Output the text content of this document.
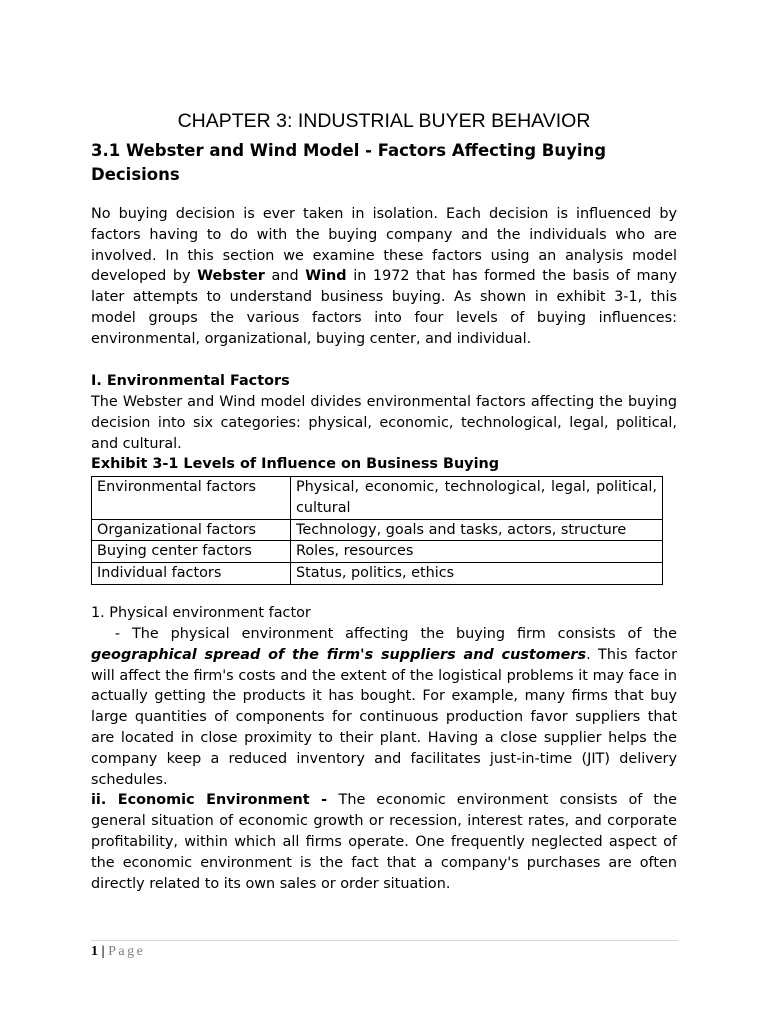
CHAPTER 3: INDUSTRIAL BUYER BEHAVIOR
3.1 Webster and Wind Model - Factors Affecting Buying Decisions

No buying decision is ever taken in isolation. Each decision is influenced by factors having to do with the buying company and the individuals who are involved. In this section we examine these factors using an analysis model developed by Webster and Wind in 1972 that has formed the basis of many later attempts to understand business buying. As shown in exhibit 3-1, this model groups the various factors into four levels of buying influences: environmental, organizational, buying center, and individual.

I. Environmental Factors

The Webster and Wind model divides environmental factors affecting the buying decision into six categories: physical, economic, technological, legal, political, and cultural.

Exhibit 3-1 Levels of Influence on Business Buying
Environmental factors	Physical, economic, technological, legal, political, cultural
Organizational factors	Technology, goals and tasks, actors, structure
Buying center factors	Roles, resources
Individual factors	Status, politics, ethics
1. Physical environment factor

- The physical environment affecting the buying firm consists of the geographical spread of the firm's suppliers and customers. This factor will affect the firm's costs and the extent of the logistical problems it may face in actually getting the products it has bought. For example, many firms that buy large quantities of components for continuous production favor suppliers that are located in close proximity to their plant. Having a close supplier helps the company keep a reduced inventory and facilitates just-in-time (JIT) delivery schedules.
ii. Economic Environment - The economic environment consists of the general situation of economic growth or recession, interest rates, and corporate profitability, within which all firms operate. One frequently neglected aspect of the economic environment is the fact that a company's purchases are often directly related to its own sales or order situation.

1 | Page
